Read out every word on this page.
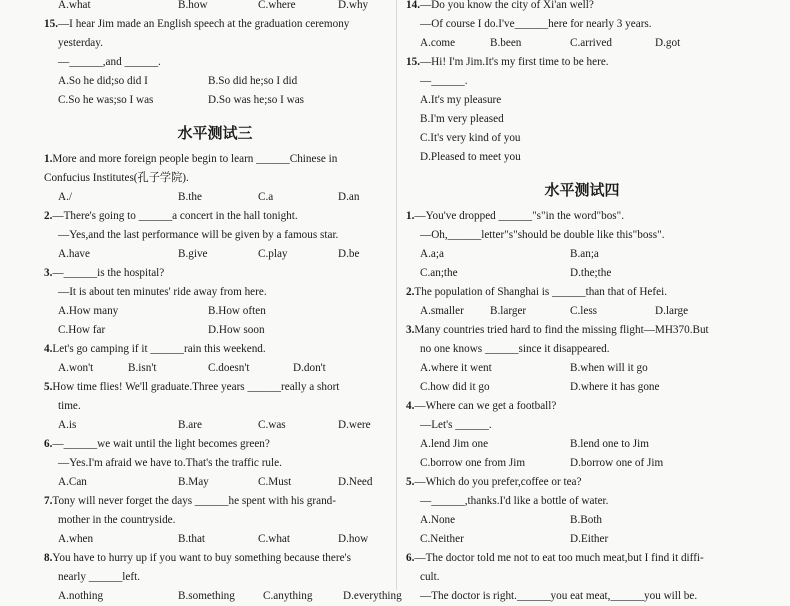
A.what	B.how	C.where	D.why
15.—I hear Jim made an English speech at the graduation ceremony
yesterday.
—______,and ______.
A.So he did;so did I	B.So did he;so I did
C.So he was;so I was	D.So was he;so I was
水平测试三
1.More and more foreign people begin to learn ______Chinese in
Confucius Institutes(孔子学院).
A./	B.the	C.a	D.an
2.—There's going to ______a concert in the hall tonight.
—Yes,and the last performance will be given by a famous star.
A.have	B.give	C.play	D.be
3.—______is the hospital?
—It is about ten minutes' ride away from here.
A.How many	B.How often
C.How far	D.How soon
4.Let's go camping if it ______rain this weekend.
A.won't	B.isn't	C.doesn't	D.don't
5.How time flies! We'll graduate.Three years ______really a short
time.
A.is	B.are	C.was	D.were
6.—______we wait until the light becomes green?
—Yes.I'm afraid we have to.That's the traffic rule.
A.Can	B.May	C.Must	D.Need
7.Tony will never forget the days ______he spent with his grand-
mother in the countryside.
A.when	B.that	C.what	D.how
8.You have to hurry up if you want to buy something because there's
nearly ______left.
A.nothing	B.something	C.anything	D.everything
14.—Do you know the city of Xi'an well?
—Of course I do.I've______here for nearly 3 years.
A.come	B.been	C.arrived	D.got
15.—Hi! I'm Jim.It's my first time to be here.
—______.
A.It's my pleasure
B.I'm very pleased
C.It's very kind of you
D.Pleased to meet you
水平测试四
1.—You've dropped ______"s"in the word"bos".
—Oh,______letter"s"should be double like this"boss".
A.a;a	B.an;a
C.an;the	D.the;the
2.The population of Shanghai is ______than that of Hefei.
A.smaller B.larger	C.less	D.large
3.Many countries tried hard to find the missing flight—MH370.But
no one knows ______since it disappeared.
A.where it went	B.when will it go
C.how did it go	D.where it has gone
4.—Where can we get a football?
—Let's ______.
A.lend Jim one	B.lend one to Jim
C.borrow one from Jim	D.borrow one of Jim
5.—Which do you prefer,coffee or tea?
—______,thanks.I'd like a bottle of water.
A.None	B.Both
C.Neither	D.Either
6.—The doctor told me not to eat too much meat,but I find it diffi-
cult.
—The doctor is right.______you eat meat,______you will be.
